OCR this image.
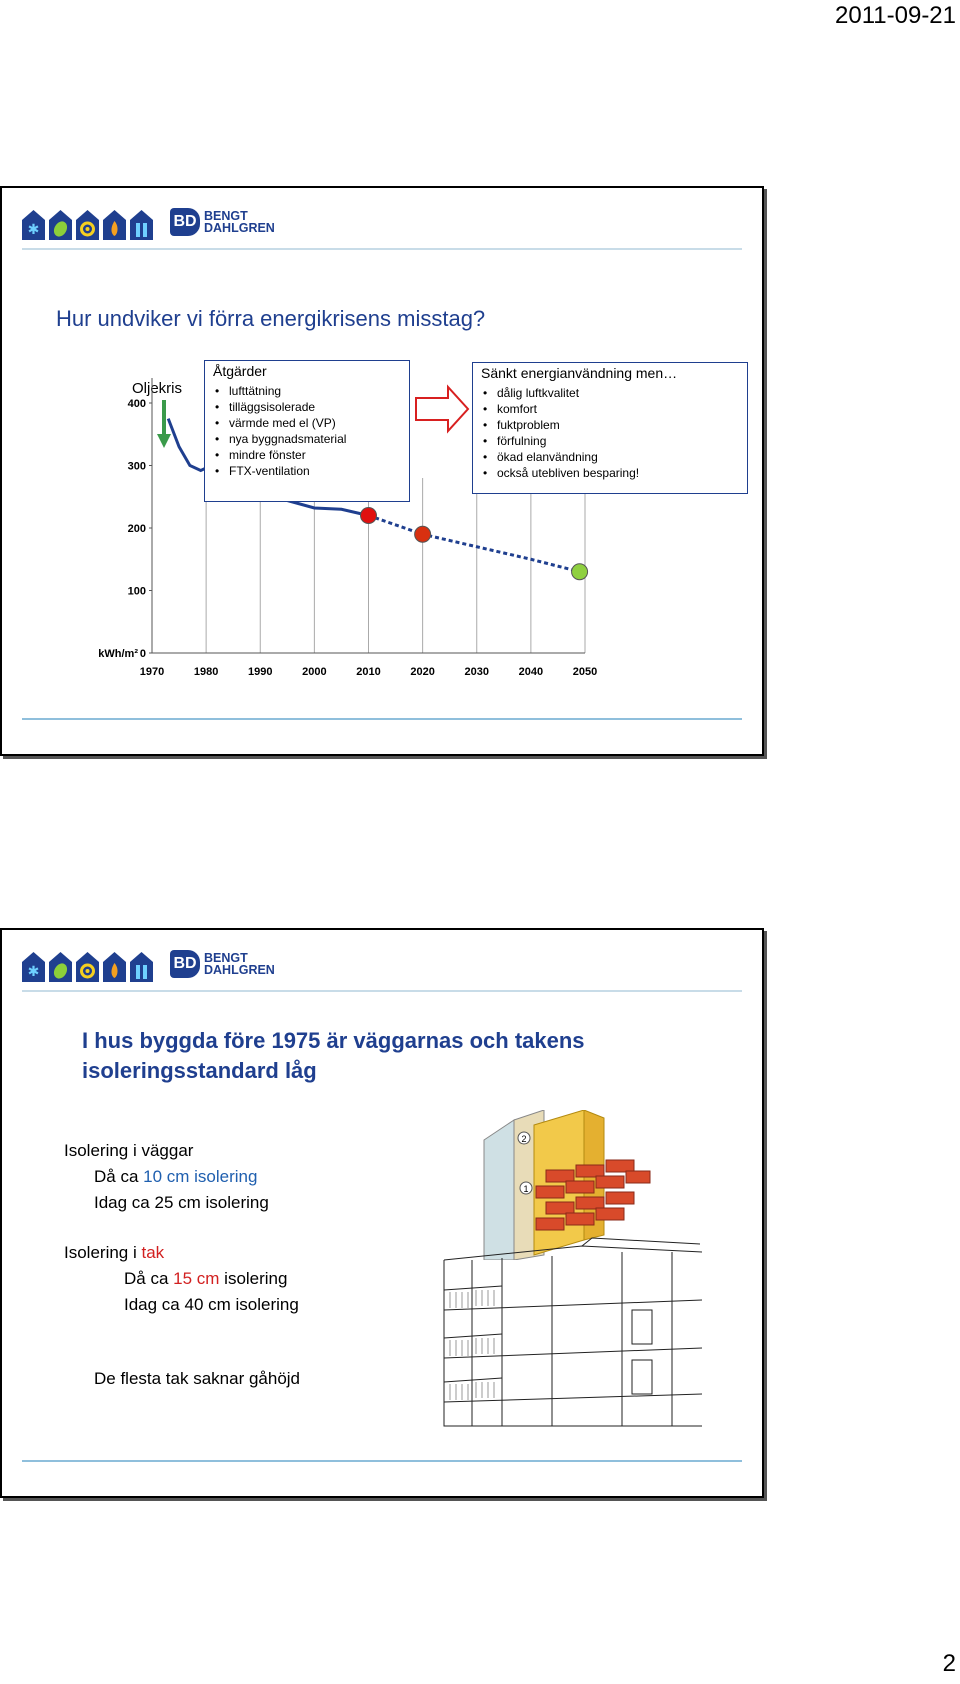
2011-09-21
✱	BD BENGT
DAHLGREN
Hur undviker vi förra energikrisens misstag?
Oljekris
400
300
200
100
0
kWh/m²
1970	1980	1990	2000	2010	2020	2030	2040	2050
Åtgärder
• lufttätning
• tilläggsisolerade
• värmde med el (VP)
• nya byggnadsmaterial
• mindre fönster
• FTX-ventilation
Sänkt energianvändning men…
• dålig luftkvalitet
• komfort
• fuktproblem
• förfulning
• ökad elanvändning
• också utebliven besparing!
✱	BD BENGT
DAHLGREN
I hus byggda före 1975 är väggarnas och takens isoleringsstandard låg
Isolering i väggar
Då ca 10 cm isolering
Idag ca 25 cm isolering
Isolering i tak
Då ca 15 cm isolering
Idag ca 40 cm isolering
De flesta tak saknar gåhöjd
2
1
2
